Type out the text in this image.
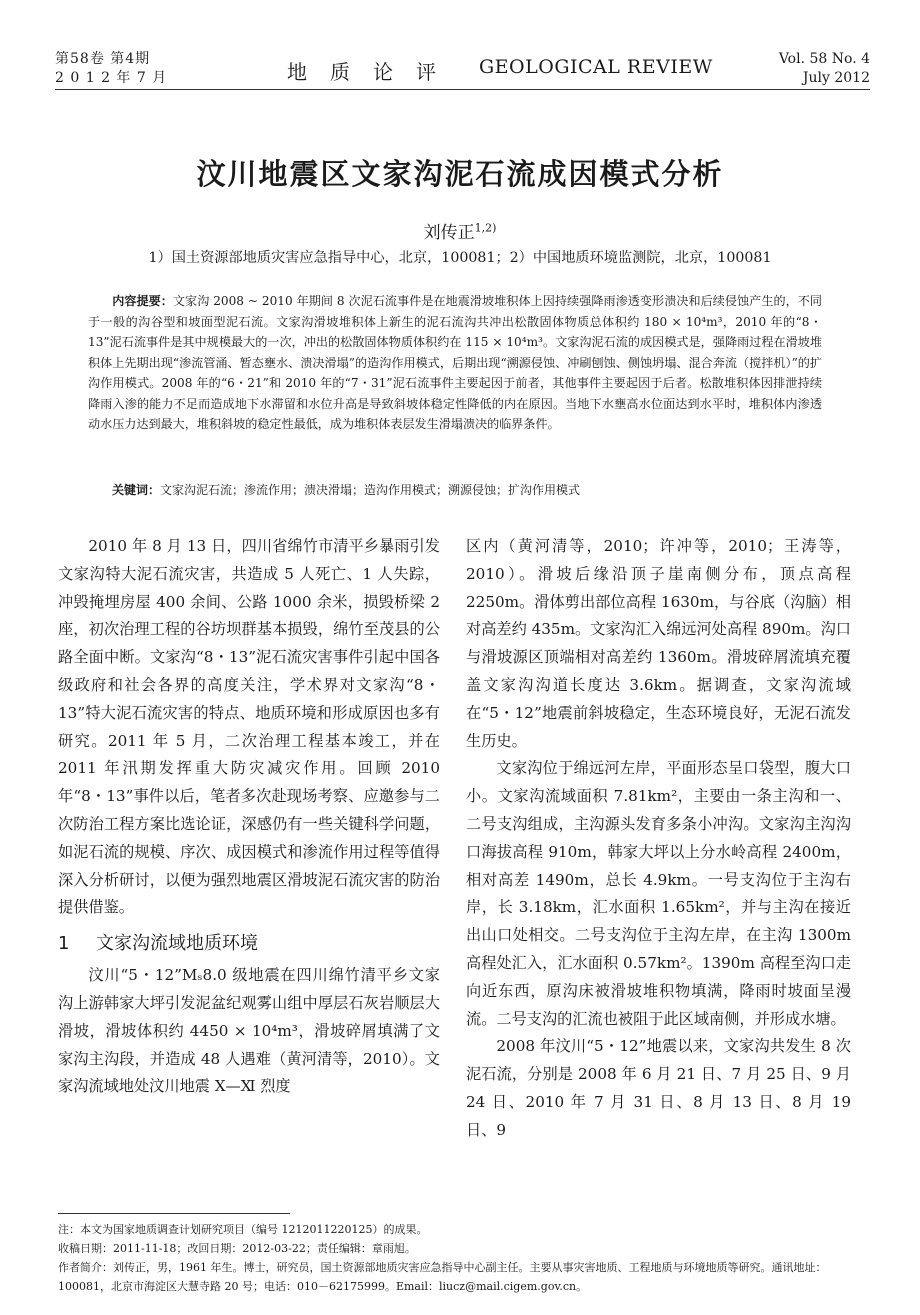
第58卷 第4期
2 0 1 2 年 7 月	地质论评 GEOLOGICAL REVIEW	Vol. 58 No. 4
July 2012
汶川地震区文家沟泥石流成因模式分析
刘传正$^{1,2)}$
1）国土资源部地质灾害应急指导中心，北京，100081；2）中国地质环境监测院，北京，100081
内容提要：文家沟 2008 ~ 2010 年期间 8 次泥石流事件是在地震滑坡堆积体上因持续强降雨渗透变形溃决和后续侵蚀产生的，不同于一般的沟谷型和坡面型泥石流。文家沟滑坡堆积体上新生的泥石流沟共冲出松散固体物质总体积约 180 × 10⁴m³，2010 年的“8・13”泥石流事件是其中规模最大的一次，冲出的松散固体物质体积约在 115 × 10⁴m³。文家沟泥石流的成因模式是，强降雨过程在滑坡堆积体上先期出现“渗流管涌、暂态壅水、溃决滑塌”的造沟作用模式，后期出现“溯源侵蚀、冲刷刨蚀、侧蚀坍塌、混合奔流（搅拌机）”的扩沟作用模式。2008 年的“6・21”和 2010 年的“7・31”泥石流事件主要起因于前者，其他事件主要起因于后者。松散堆积体因排泄持续降雨入渗的能力不足而造成地下水滞留和水位升高是导致斜坡体稳定性降低的内在原因。当地下水壅高水位面达到水平时，堆积体内渗透动水压力达到最大，堆积斜坡的稳定性最低，成为堆积体表层发生滑塌溃决的临界条件。
关键词：文家沟泥石流；渗流作用；溃决滑塌；造沟作用模式；溯源侵蚀；扩沟作用模式

2010 年 8 月 13 日，四川省绵竹市清平乡暴雨引发文家沟特大泥石流灾害，共造成 5 人死亡、1 人失踪，冲毁掩埋房屋 400 余间、公路 1000 余米，损毁桥梁 2 座，初次治理工程的谷坊坝群基本损毁，绵竹至茂县的公路全面中断。文家沟“8・13”泥石流灾害事件引起中国各级政府和社会各界的高度关注，学术界对文家沟“8・13”特大泥石流灾害的特点、地质环境和形成原因也多有研究。2011 年 5 月，二次治理工程基本竣工，并在 2011 年汛期发挥重大防灾减灾作用。回顾 2010 年“8・13”事件以后，笔者多次赴现场考察、应邀参与二次防治工程方案比选论证，深感仍有一些关键科学问题，如泥石流的规模、序次、成因模式和渗流作用过程等值得深入分析研讨，以便为强烈地震区滑坡泥石流灾害的防治提供借鉴。

1 文家沟流域地质环境

汶川“5・12”Mₛ8.0 级地震在四川绵竹清平乡文家沟上游韩家大坪引发泥盆纪观雾山组中厚层石灰岩顺层大滑坡，滑坡体积约 4450 × 10⁴m³，滑坡碎屑填满了文家沟主沟段，并造成 48 人遇难（黄河清等，2010）。文家沟流域地处汶川地震 Ⅹ—Ⅺ 烈度

区内（黄河清等，2010；许冲等，2010；王涛等，2010）。滑坡后缘沿顶子崖南侧分布，顶点高程 2250m。滑体剪出部位高程 1630m，与谷底（沟脑）相对高差约 435m。文家沟汇入绵远河处高程 890m。沟口与滑坡源区顶端相对高差约 1360m。滑坡碎屑流填充覆盖文家沟沟道长度达 3.6km。据调查，文家沟流域在“5・12”地震前斜坡稳定，生态环境良好，无泥石流发生历史。

文家沟位于绵远河左岸，平面形态呈口袋型，腹大口小。文家沟流域面积 7.81km²，主要由一条主沟和一、二号支沟组成，主沟源头发育多条小冲沟。文家沟主沟沟口海拔高程 910m，韩家大坪以上分水岭高程 2400m，相对高差 1490m，总长 4.9km。一号支沟位于主沟右岸，长 3.18km，汇水面积 1.65km²，并与主沟在接近出山口处相交。二号支沟位于主沟左岸，在主沟 1300m 高程处汇入，汇水面积 0.57km²。1390m 高程至沟口走向近东西，原沟床被滑坡堆积物填满，降雨时坡面呈漫流。二号支沟的汇流也被阻于此区域南侧，并形成水塘。

2008 年汶川“5・12”地震以来，文家沟共发生 8 次泥石流，分别是 2008 年 6 月 21 日、7 月 25 日、9 月 24 日、2010 年 7 月 31 日、8 月 13 日、8 月 19 日、9

注：本文为国家地质调查计划研究项目（编号 1212011220125）的成果。
收稿日期：2011-11-18；改回日期：2012-03-22；责任编辑：章雨旭。
作者简介：刘传正，男，1961 年生。博士，研究员，国土资源部地质灾害应急指导中心副主任。主要从事灾害地质、工程地质与环境地质等研究。通讯地址：100081，北京市海淀区大慧寺路 20 号；电话：010－62175999。Email：liucz@mail.cigem.gov.cn。
